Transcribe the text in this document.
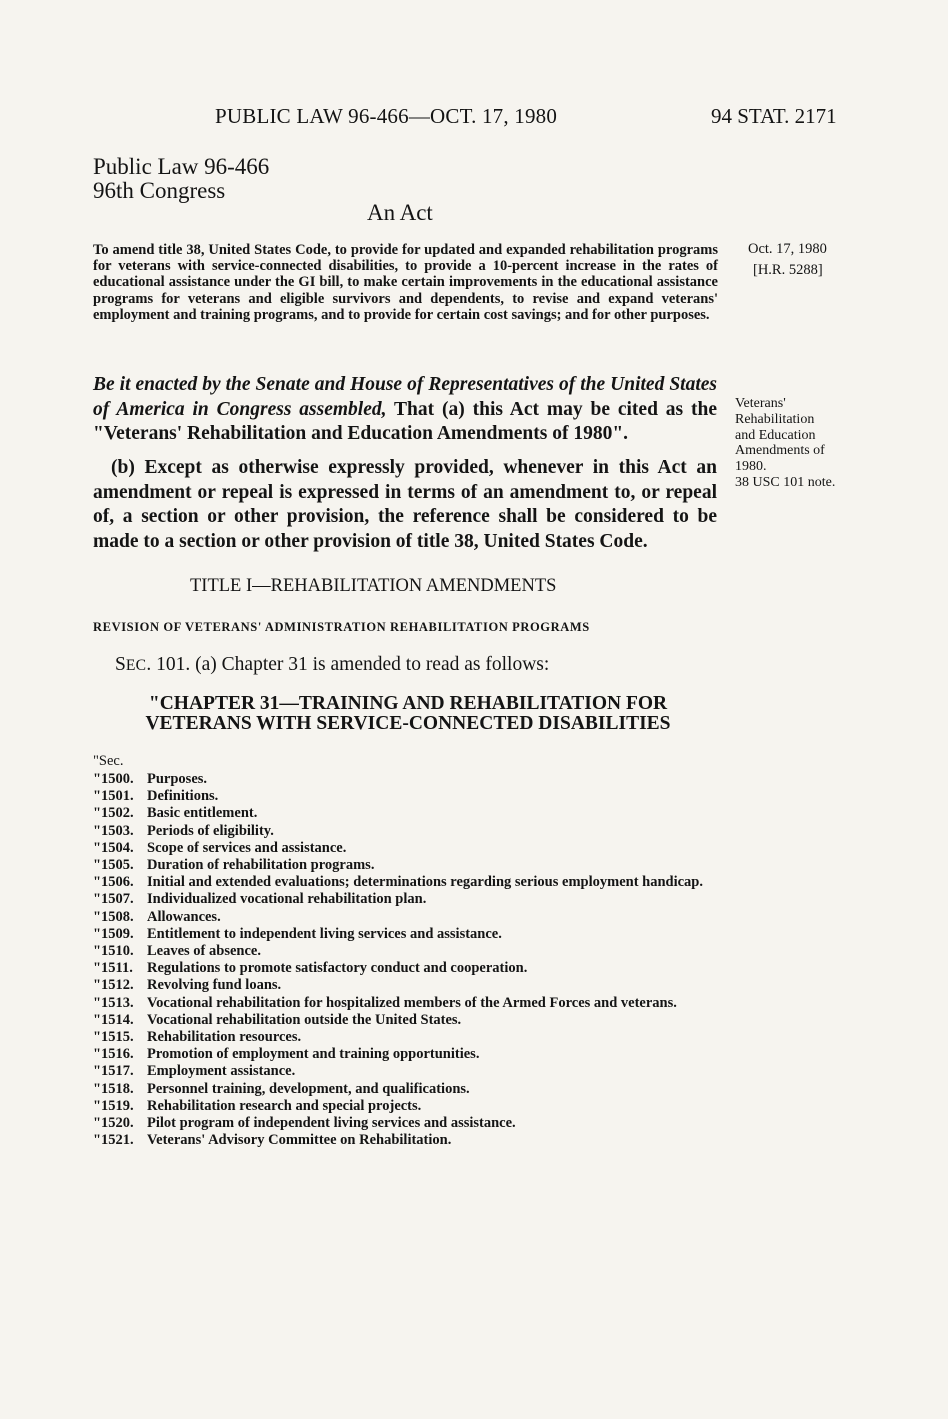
PUBLIC LAW 96-466—OCT. 17, 1980	94 STAT. 2171
Public Law 96-466
96th Congress
An Act
To amend title 38, United States Code, to provide for updated and expanded rehabilitation programs for veterans with service-connected disabilities, to provide a 10-percent increase in the rates of educational assistance under the GI bill, to make certain improvements in the educational assistance programs for veterans and eligible survivors and dependents, to revise and expand veterans' employment and training programs, and to provide for certain cost savings; and for other purposes.
Oct. 17, 1980
[H.R. 5288]
Be it enacted by the Senate and House of Representatives of the United States of America in Congress assembled, That (a) this Act may be cited as the "Veterans' Rehabilitation and Education Amendments of 1980".
Veterans'
Rehabilitation
and Education
Amendments of
1980.
38 USC 101 note.
(b) Except as otherwise expressly provided, whenever in this Act an amendment or repeal is expressed in terms of an amendment to, or repeal of, a section or other provision, the reference shall be considered to be made to a section or other provision of title 38, United States Code.
TITLE I—REHABILITATION AMENDMENTS
REVISION OF VETERANS' ADMINISTRATION REHABILITATION PROGRAMS
SEC. 101. (a) Chapter 31 is amended to read as follows:
"CHAPTER 31—TRAINING AND REHABILITATION FOR
VETERANS WITH SERVICE-CONNECTED DISABILITIES
"Sec.
"1500. Purposes.
"1501. Definitions.
"1502. Basic entitlement.
"1503. Periods of eligibility.
"1504. Scope of services and assistance.
"1505. Duration of rehabilitation programs.
"1506. Initial and extended evaluations; determinations regarding serious employment handicap.
"1507. Individualized vocational rehabilitation plan.
"1508. Allowances.
"1509. Entitlement to independent living services and assistance.
"1510. Leaves of absence.
"1511. Regulations to promote satisfactory conduct and cooperation.
"1512. Revolving fund loans.
"1513. Vocational rehabilitation for hospitalized members of the Armed Forces and veterans.
"1514. Vocational rehabilitation outside the United States.
"1515. Rehabilitation resources.
"1516. Promotion of employment and training opportunities.
"1517. Employment assistance.
"1518. Personnel training, development, and qualifications.
"1519. Rehabilitation research and special projects.
"1520. Pilot program of independent living services and assistance.
"1521. Veterans' Advisory Committee on Rehabilitation.
